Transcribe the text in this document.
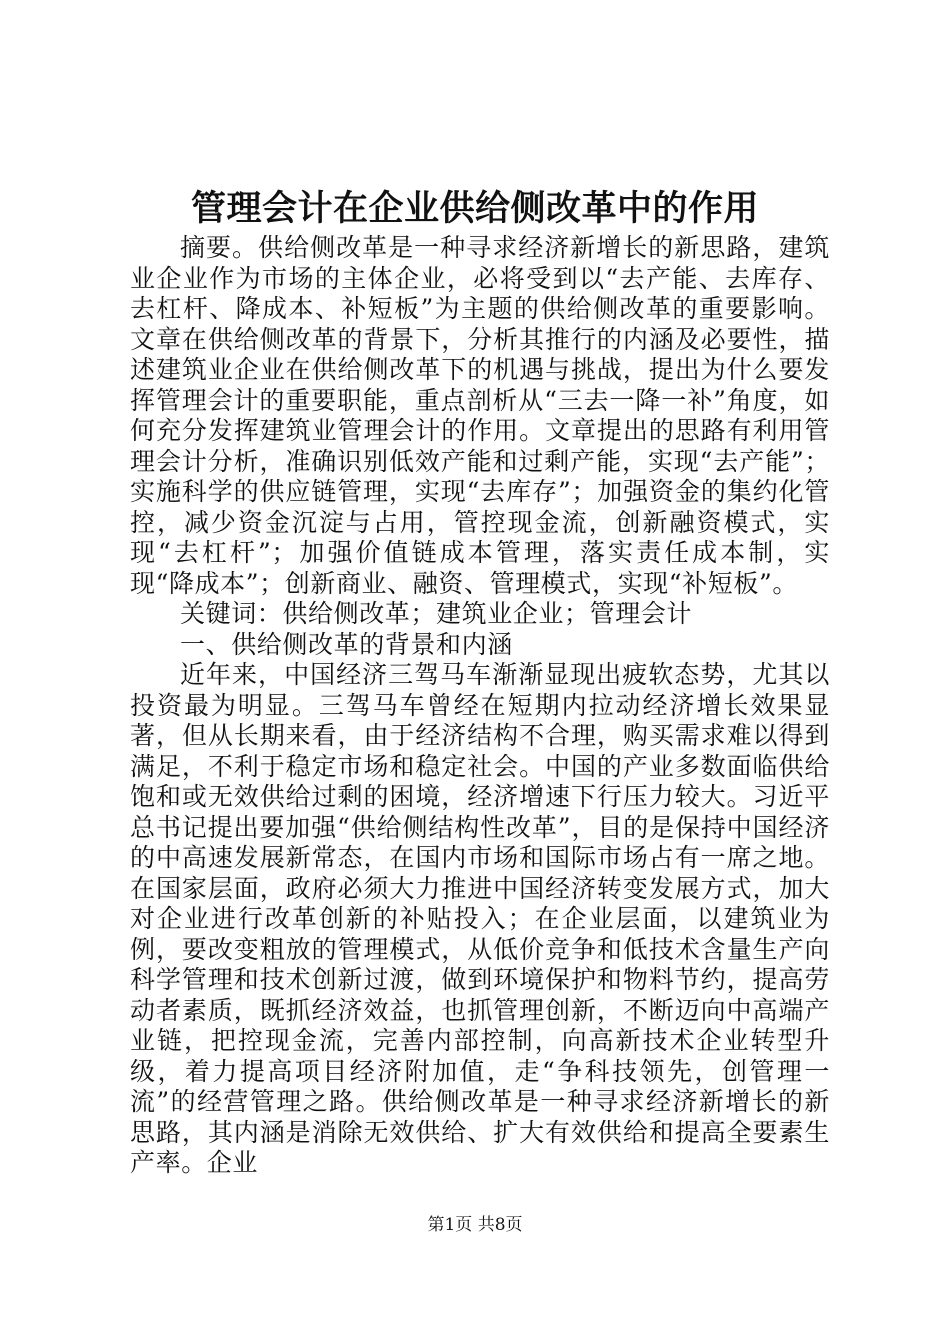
管理会计在企业供给侧改革中的作用

摘要。供给侧改革是一种寻求经济新增长的新思路，建筑业企业作为市场的主体企业，必将受到以“去产能、去库存、去杠杆、降成本、补短板”为主题的供给侧改革的重要影响。文章在供给侧改革的背景下，分析其推行的内涵及必要性，描述建筑业企业在供给侧改革下的机遇与挑战，提出为什么要发挥管理会计的重要职能，重点剖析从“三去一降一补”角度，如何充分发挥建筑业管理会计的作用。文章提出的思路有利用管理会计分析，准确识别低效产能和过剩产能，实现“去产能”；实施科学的供应链管理，实现“去库存”；加强资金的集约化管控，减少资金沉淀与占用，管控现金流，创新融资模式，实现“去杠杆”；加强价值链成本管理，落实责任成本制，实现“降成本”；创新商业、融资、管理模式，实现“补短板”。

关键词：供给侧改革；建筑业企业；管理会计

一、供给侧改革的背景和内涵

近年来，中国经济三驾马车渐渐显现出疲软态势，尤其以投资最为明显。三驾马车曾经在短期内拉动经济增长效果显著，但从长期来看，由于经济结构不合理，购买需求难以得到满足，不利于稳定市场和稳定社会。中国的产业多数面临供给饱和或无效供给过剩的困境，经济增速下行压力较大。习近平总书记提出要加强“供给侧结构性改革”，目的是保持中国经济的中高速发展新常态，在国内市场和国际市场占有一席之地。在国家层面，政府必须大力推进中国经济转变发展方式，加大对企业进行改革创新的补贴投入；在企业层面，以建筑业为例，要改变粗放的管理模式，从低价竞争和低技术含量生产向科学管理和技术创新过渡，做到环境保护和物料节约，提高劳动者素质，既抓经济效益，也抓管理创新，不断迈向中高端产业链，把控现金流，完善内部控制，向高新技术企业转型升级，着力提高项目经济附加值，走“争科技领先，创管理一流”的经营管理之路。供给侧改革是一种寻求经济新增长的新思路，其内涵是消除无效供给、扩大有效供给和提高全要素生产率。企业

第1页 共8页
